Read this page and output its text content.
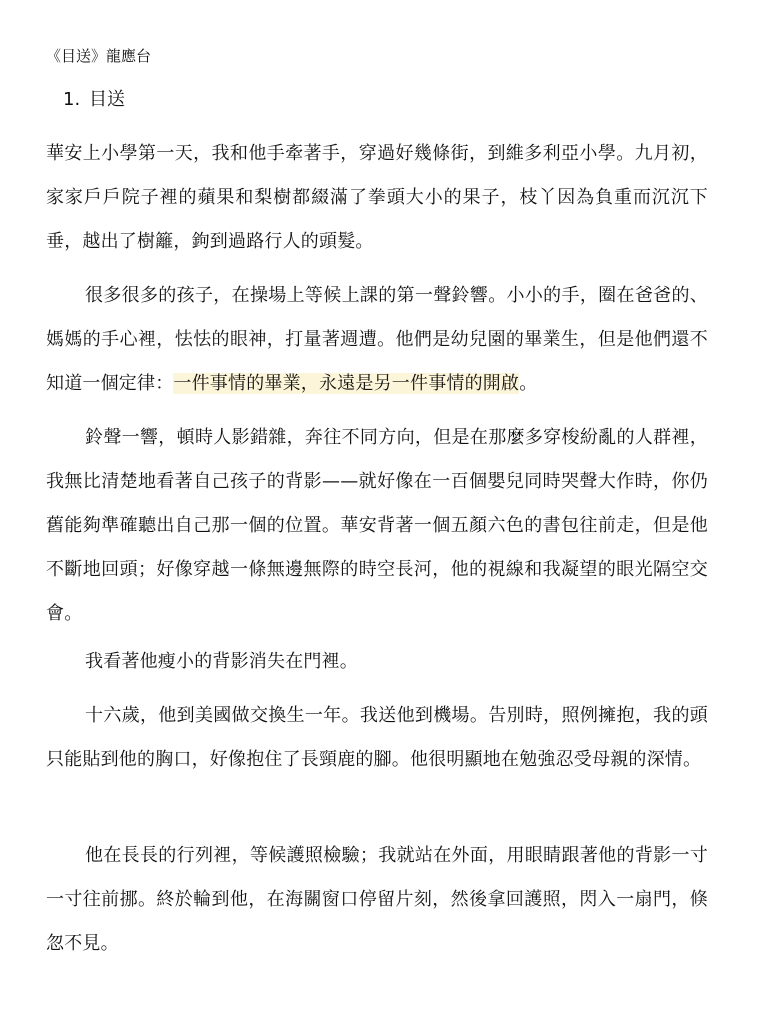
《目送》龍應台
1. 目送

華安上小學第一天，我和他手牽著手，穿過好幾條街，到維多利亞小學。九月初，家家戶戶院子裡的蘋果和梨樹都綴滿了拳頭大小的果子，枝丫因為負重而沉沉下垂，越出了樹籬，鉤到過路行人的頭髮。

很多很多的孩子，在操場上等候上課的第一聲鈴響。小小的手，圈在爸爸的、媽媽的手心裡，怯怯的眼神，打量著週遭。他們是幼兒園的畢業生，但是他們還不知道一個定律：一件事情的畢業，永遠是另一件事情的開啟。

鈴聲一響，頓時人影錯雜，奔往不同方向，但是在那麼多穿梭紛亂的人群裡，我無比清楚地看著自己孩子的背影——就好像在一百個嬰兒同時哭聲大作時，你仍舊能夠準確聽出自己那一個的位置。華安背著一個五顏六色的書包往前走，但是他不斷地回頭；好像穿越一條無邊無際的時空長河，他的視線和我凝望的眼光隔空交會。

我看著他瘦小的背影消失在門裡。

十六歲，他到美國做交換生一年。我送他到機場。告別時，照例擁抱，我的頭只能貼到他的胸口，好像抱住了長頸鹿的腳。他很明顯地在勉強忍受母親的深情。

他在長長的行列裡，等候護照檢驗；我就站在外面，用眼睛跟著他的背影一寸一寸往前挪。終於輪到他，在海關窗口停留片刻，然後拿回護照，閃入一扇門，倏忽不見。
